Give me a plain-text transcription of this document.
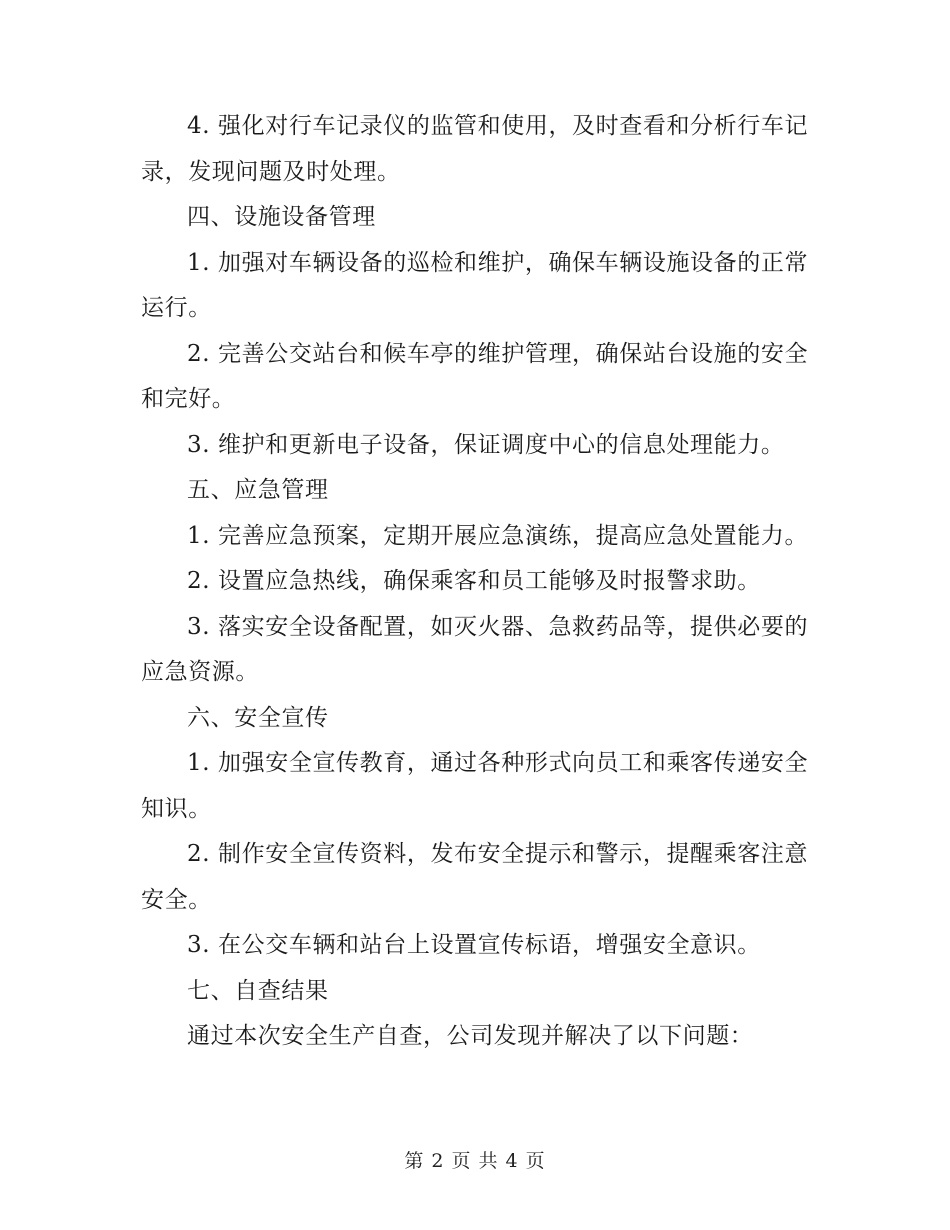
4. 强化对行车记录仪的监管和使用，及时查看和分析行车记录，发现问题及时处理。

四、设施设备管理

1. 加强对车辆设备的巡检和维护，确保车辆设施设备的正常运行。

2. 完善公交站台和候车亭的维护管理，确保站台设施的安全和完好。

3. 维护和更新电子设备，保证调度中心的信息处理能力。

五、应急管理

1. 完善应急预案，定期开展应急演练，提高应急处置能力。

2. 设置应急热线，确保乘客和员工能够及时报警求助。

3. 落实安全设备配置，如灭火器、急救药品等，提供必要的应急资源。

六、安全宣传

1. 加强安全宣传教育，通过各种形式向员工和乘客传递安全知识。

2. 制作安全宣传资料，发布安全提示和警示，提醒乘客注意安全。

3. 在公交车辆和站台上设置宣传标语，增强安全意识。

七、自查结果

通过本次安全生产自查，公司发现并解决了以下问题：

第 2 页 共 4 页
